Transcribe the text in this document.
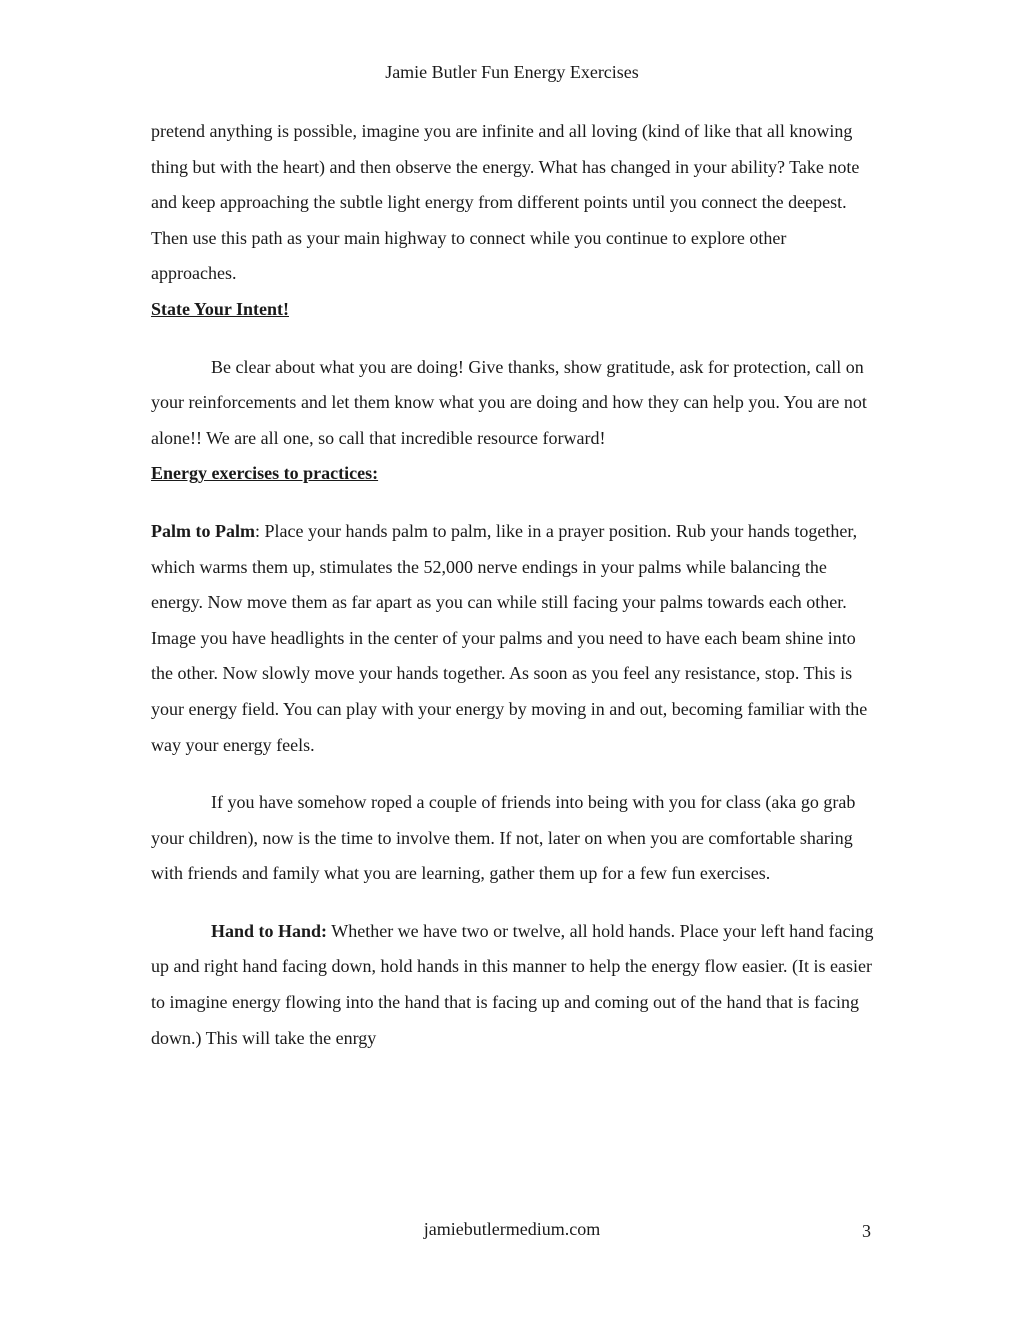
Jamie Butler Fun Energy Exercises

pretend anything is possible, imagine you are infinite and all loving (kind of like that all knowing thing but with the heart) and then observe the energy. What has changed in your ability? Take note and keep approaching the subtle light energy from different points until you connect the deepest. Then use this path as your main highway to connect while you continue to explore other approaches.

State Your Intent!

Be clear about what you are doing! Give thanks, show gratitude, ask for protection, call on your reinforcements and let them know what you are doing and how they can help you. You are not alone!! We are all one, so call that incredible resource forward!

Energy exercises to practices:

Palm to Palm: Place your hands palm to palm, like in a prayer position. Rub your hands together, which warms them up, stimulates the 52,000 nerve endings in your palms while balancing the energy. Now move them as far apart as you can while still facing your palms towards each other. Image you have headlights in the center of your palms and you need to have each beam shine into the other. Now slowly move your hands together. As soon as you feel any resistance, stop. This is your energy field. You can play with your energy by moving in and out, becoming familiar with the way your energy feels.

If you have somehow roped a couple of friends into being with you for class (aka go grab your children), now is the time to involve them. If not, later on when you are comfortable sharing with friends and family what you are learning, gather them up for a few fun exercises.

Hand to Hand: Whether we have two or twelve, all hold hands. Place your left hand facing up and right hand facing down, hold hands in this manner to help the energy flow easier. (It is easier to imagine energy flowing into the hand that is facing up and coming out of the hand that is facing down.) This will take the enrgy

jamiebutlermedium.com	3
